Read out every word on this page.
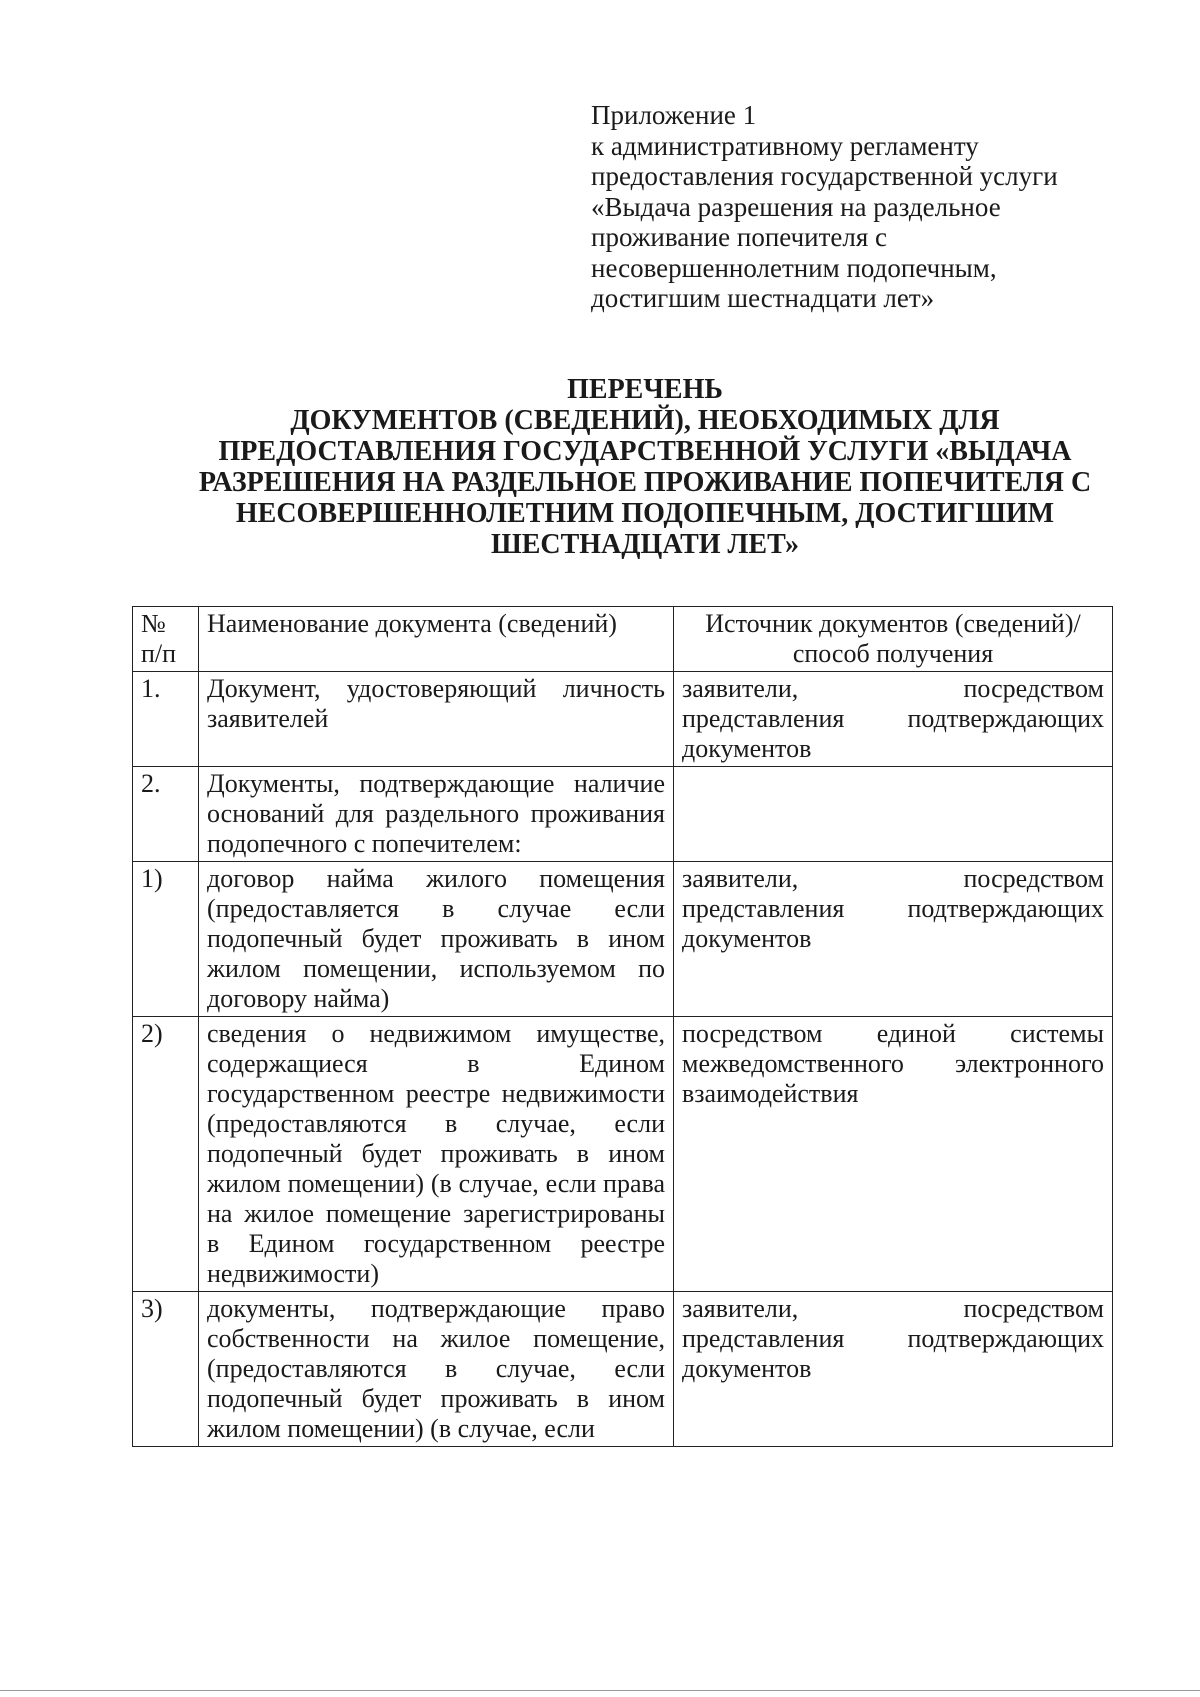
Приложение 1
к административному регламенту
предоставления государственной услуги
«Выдача разрешения на раздельное
проживание попечителя с
несовершеннолетним подопечным,
достигшим шестнадцати лет»
ПЕРЕЧЕНЬ
ДОКУМЕНТОВ (СВЕДЕНИЙ), НЕОБХОДИМЫХ ДЛЯ
ПРЕДОСТАВЛЕНИЯ ГОСУДАРСТВЕННОЙ УСЛУГИ «ВЫДАЧА
РАЗРЕШЕНИЯ НА РАЗДЕЛЬНОЕ ПРОЖИВАНИЕ ПОПЕЧИТЕЛЯ С
НЕСОВЕРШЕННОЛЕТНИМ ПОДОПЕЧНЫМ, ДОСТИГШИМ
ШЕСТНАДЦАТИ ЛЕТ»
№ п/п	Наименование документа (сведений)	Источник документов (сведений)/способ получения
1.	Документ, удостоверяющий личность заявителей	заявители, посредством представления подтверждающих документов
2.	Документы, подтверждающие наличие оснований для раздельного проживания подопечного с попечителем:	
1)	договор найма жилого помещения (предоставляется в случае если подопечный будет проживать в ином жилом помещении, используемом по договору найма)	заявители, посредством представления подтверждающих документов
2)	сведения о недвижимом имуществе, содержащиеся в Едином государственном реестре недвижимости (предоставляются в случае, если подопечный будет проживать в ином жилом помещении) (в случае, если права на жилое помещение зарегистрированы в Едином государственном реестре недвижимости)	посредством единой системы межведомственного электронного взаимодействия
3)	документы, подтверждающие право собственности на жилое помещение, (предоставляются в случае, если подопечный будет проживать в ином жилом помещении) (в случае, если	заявители, посредством представления подтверждающих документов
